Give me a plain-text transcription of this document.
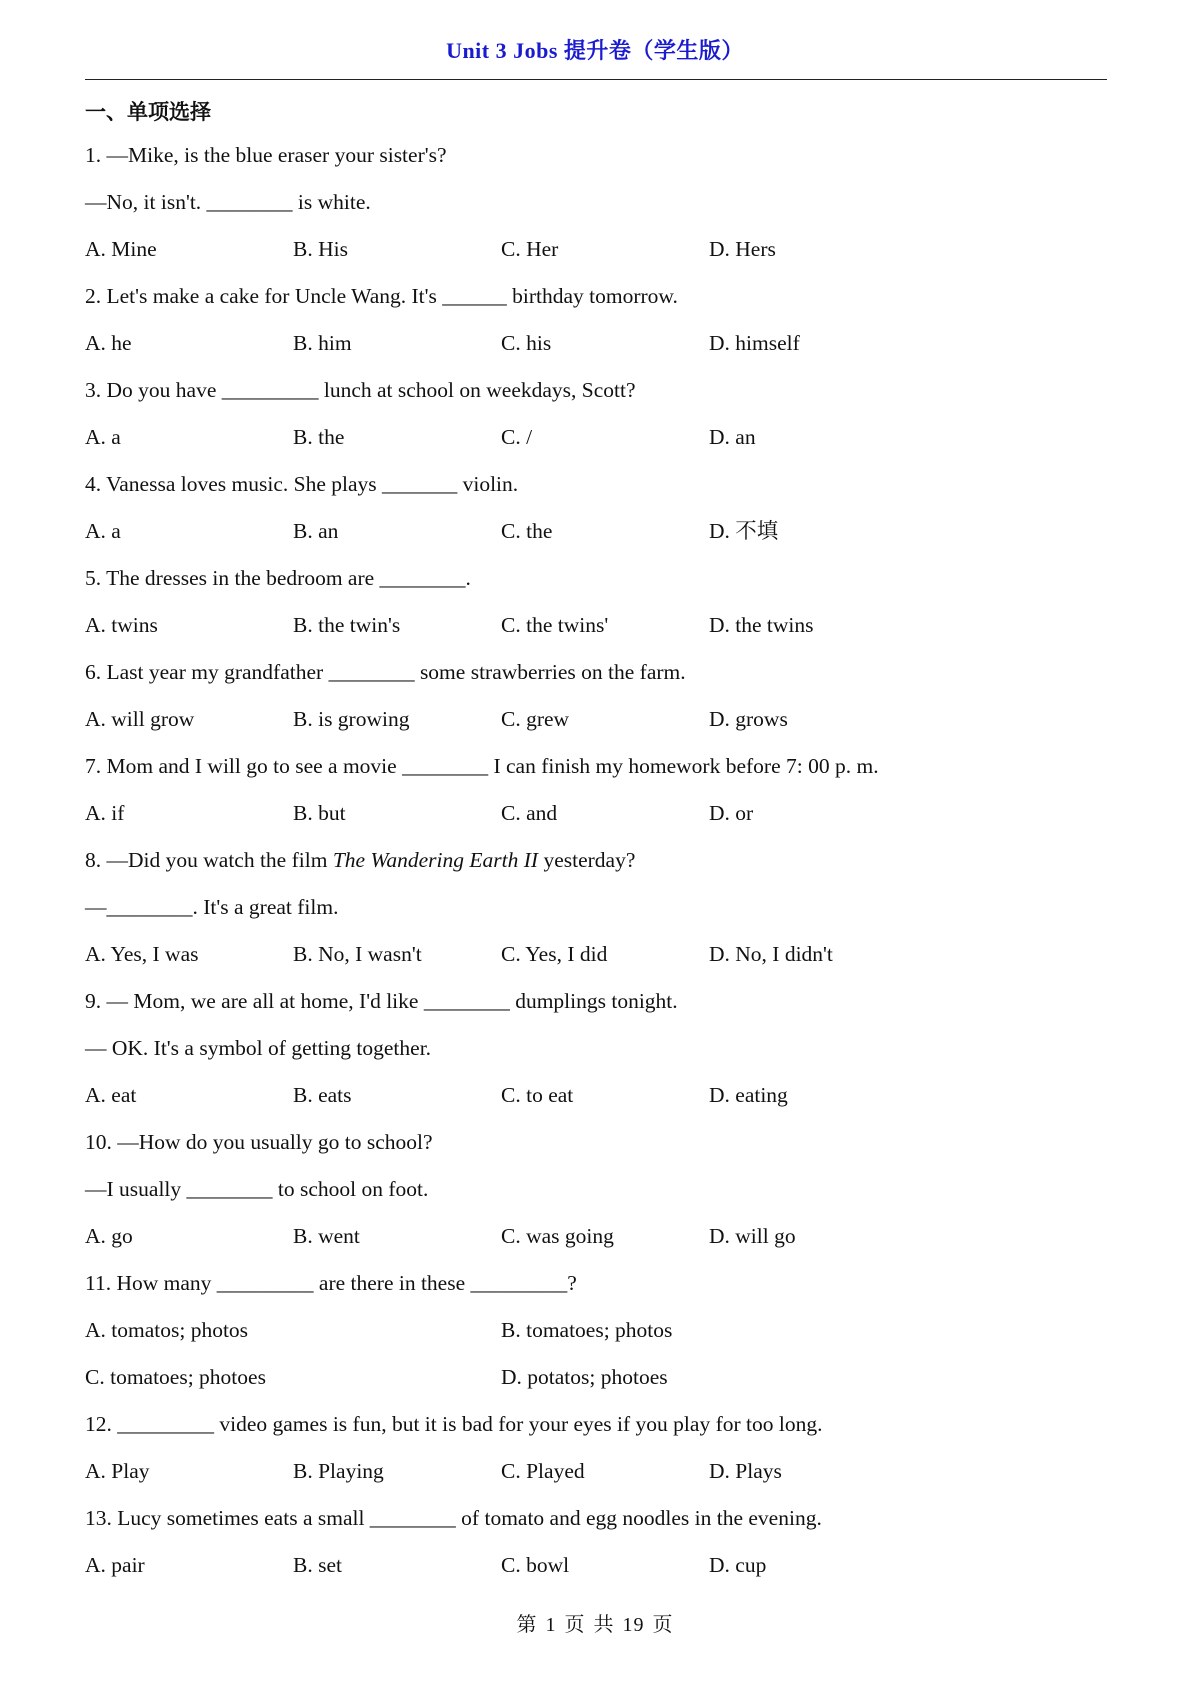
Unit 3 Jobs 提升卷（学生版）
一、单项选择
1. —Mike, is the blue eraser your sister's?
—No, it isn't. ________ is white.
A. Mine	B. His	C. Her	D. Hers
2. Let's make a cake for Uncle Wang. It's ______ birthday tomorrow.
A. he	B. him	C. his	D. himself
3. Do you have _________ lunch at school on weekdays, Scott?
A. a	B. the	C. /	D. an
4. Vanessa loves music. She plays _______ violin.
A. a	B. an	C. the	D. 不填
5. The dresses in the bedroom are ________.
A. twins	B. the twin's	C. the twins'	D. the twins
6. Last year my grandfather ________ some strawberries on the farm.
A. will grow	B. is growing	C. grew	D. grows
7. Mom and I will go to see a movie ________ I can finish my homework before 7: 00 p. m.
A. if	B. but	C. and	D. or
8. —Did you watch the film The Wandering Earth II yesterday?
—________. It's a great film.
A. Yes, I was	B. No, I wasn't	C. Yes, I did	D. No, I didn't
9. — Mom, we are all at home, I'd like ________ dumplings tonight.
— OK. It's a symbol of getting together.
A. eat	B. eats	C. to eat	D. eating
10. —How do you usually go to school?
—I usually ________ to school on foot.
A. go	B. went	C. was going	D. will go
11. How many _________ are there in these _________?
A. tomatos; photos	B. tomatoes; photos
C. tomatoes; photoes	D. potatos; photoes
12. _________ video games is fun, but it is bad for your eyes if you play for too long.
A. Play	B. Playing	C. Played	D. Plays
13. Lucy sometimes eats a small ________ of tomato and egg noodles in the evening.
A. pair	B. set	C. bowl	D. cup
第 1 页 共 19 页
